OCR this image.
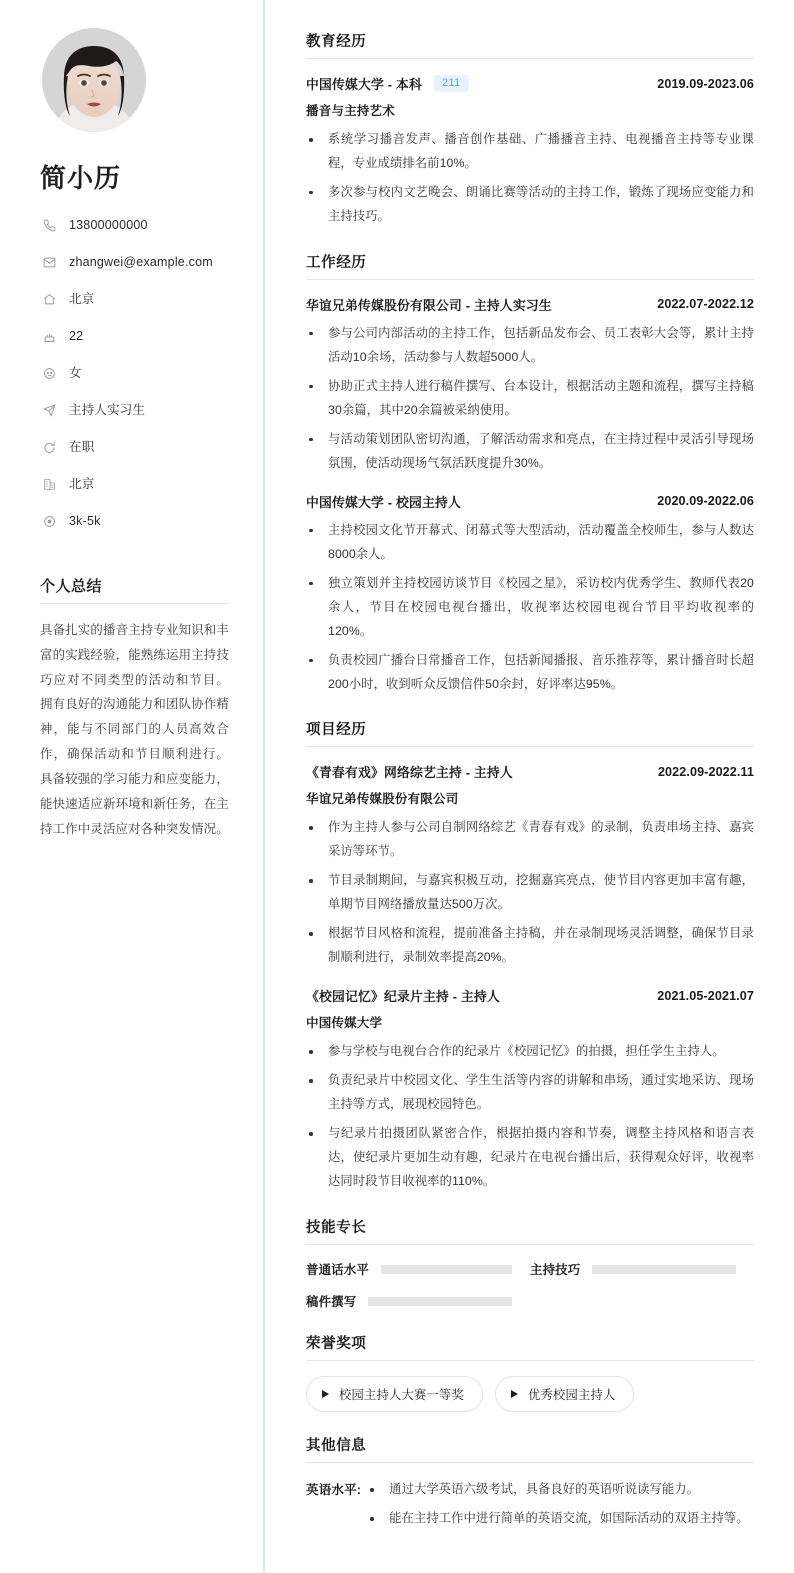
简小历
13800000000
zhangwei@example.com
北京
22
女
主持人实习生
在职
北京
3k-5k
个人总结

具备扎实的播音主持专业知识和丰富的实践经验，能熟练运用主持技巧应对不同类型的活动和节目。 拥有良好的沟通能力和团队协作精神，能与不同部门的人员高效合作，确保活动和节目顺利进行。 具备较强的学习能力和应变能力，能快速适应新环境和新任务，在主持工作中灵活应对各种突发情况。

教育经历
中国传媒大学 - 本科	211	2019.09-2023.06
播音与主持艺术
系统学习播音发声、播音创作基础、广播播音主持、电视播音主持等专业课程，专业成绩排名前10%。
多次参与校内文艺晚会、朗诵比赛等活动的主持工作，锻炼了现场应变能力和主持技巧。
工作经历
华谊兄弟传媒股份有限公司 - 主持人实习生	2022.07-2022.12
参与公司内部活动的主持工作，包括新品发布会、员工表彰大会等，累计主持活动10余场，活动参与人数超5000人。
协助正式主持人进行稿件撰写、台本设计，根据活动主题和流程，撰写主持稿30余篇，其中20余篇被采纳使用。
与活动策划团队密切沟通，了解活动需求和亮点，在主持过程中灵活引导现场氛围，使活动现场气氛活跃度提升30%。
中国传媒大学 - 校园主持人	2020.09-2022.06
主持校园文化节开幕式、闭幕式等大型活动，活动覆盖全校师生，参与人数达8000余人。
独立策划并主持校园访谈节目《校园之星》，采访校内优秀学生、教师代表20余人，节目在校园电视台播出，收视率达校园电视台节目平均收视率的120%。
负责校园广播台日常播音工作，包括新闻播报、音乐推荐等，累计播音时长超200小时，收到听众反馈信件50余封，好评率达95%。
项目经历
《青春有戏》网络综艺主持 - 主持人	2022.09-2022.11
华谊兄弟传媒股份有限公司
作为主持人参与公司自制网络综艺《青春有戏》的录制，负责串场主持、嘉宾采访等环节。
节目录制期间，与嘉宾积极互动，挖掘嘉宾亮点，使节目内容更加丰富有趣，单期节目网络播放量达500万次。
根据节目风格和流程，提前准备主持稿，并在录制现场灵活调整，确保节目录制顺利进行，录制效率提高20%。
《校园记忆》纪录片主持 - 主持人	2021.05-2021.07
中国传媒大学
参与学校与电视台合作的纪录片《校园记忆》的拍摄，担任学生主持人。
负责纪录片中校园文化、学生生活等内容的讲解和串场，通过实地采访、现场主持等方式，展现校园特色。
与纪录片拍摄团队紧密合作，根据拍摄内容和节奏，调整主持风格和语言表达，使纪录片更加生动有趣，纪录片在电视台播出后，获得观众好评，收视率达同时段节目收视率的110%。
技能专长
普通话水平	主持技巧
稿件撰写
荣誉奖项
校园主持人大赛一等奖	优秀校园主持人
其他信息
英语水平:	通过大学英语六级考试，具备良好的英语听说读写能力。
能在主持工作中进行简单的英语交流，如国际活动的双语主持等。
